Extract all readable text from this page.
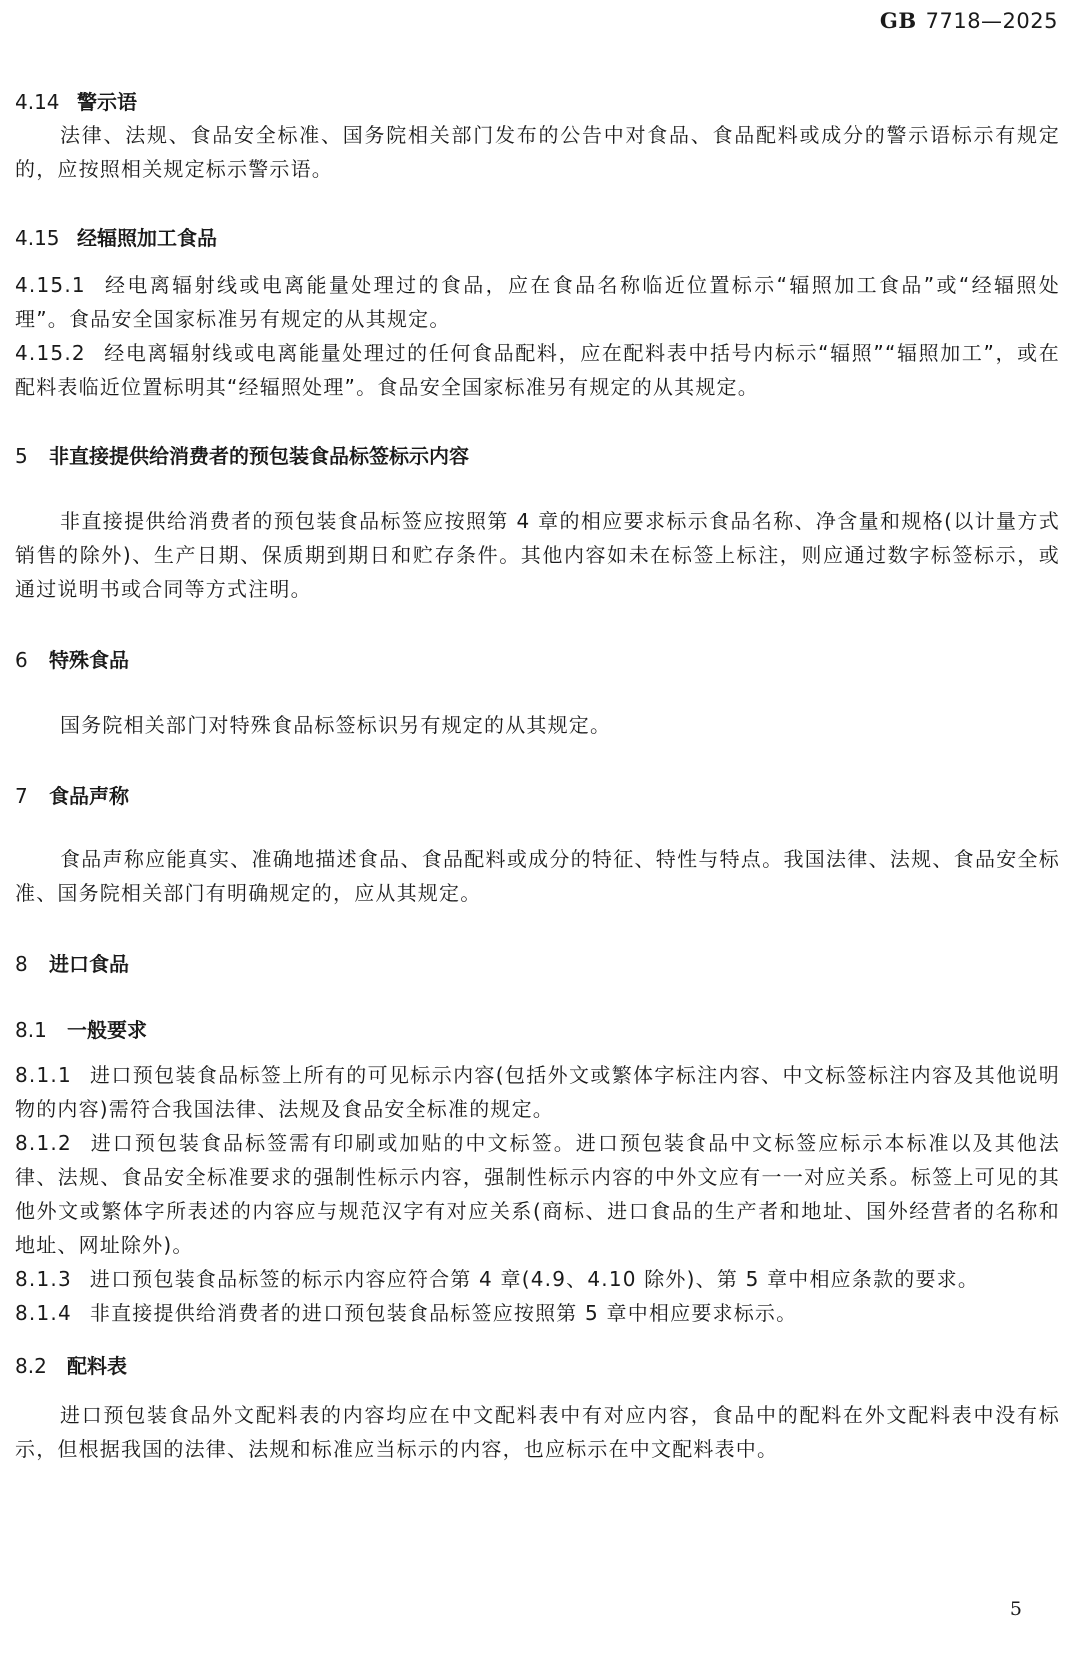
GB 7718—2025
4.14 警示语

法律、法规、食品安全标准、国务院相关部门发布的公告中对食品、食品配料或成分的警示语标示有规定的，应按照相关规定标示警示语。

4.15 经辐照加工食品

4.15.1 经电离辐射线或电离能量处理过的食品，应在食品名称临近位置标示“辐照加工食品”或“经辐照处理”。食品安全国家标准另有规定的从其规定。

4.15.2 经电离辐射线或电离能量处理过的任何食品配料，应在配料表中括号内标示“辐照”“辐照加工”，或在配料表临近位置标明其“经辐照处理”。食品安全国家标准另有规定的从其规定。

5 非直接提供给消费者的预包装食品标签标示内容

非直接提供给消费者的预包装食品标签应按照第 4 章的相应要求标示食品名称、净含量和规格(以计量方式销售的除外)、生产日期、保质期到期日和贮存条件。其他内容如未在标签上标注，则应通过数字标签标示，或通过说明书或合同等方式注明。

6 特殊食品

国务院相关部门对特殊食品标签标识另有规定的从其规定。

7 食品声称

食品声称应能真实、准确地描述食品、食品配料或成分的特征、特性与特点。我国法律、法规、食品安全标准、国务院相关部门有明确规定的，应从其规定。

8 进口食品
8.1 一般要求

8.1.1 进口预包装食品标签上所有的可见标示内容(包括外文或繁体字标注内容、中文标签标注内容及其他说明物的内容)需符合我国法律、法规及食品安全标准的规定。

8.1.2 进口预包装食品标签需有印刷或加贴的中文标签。进口预包装食品中文标签应标示本标准以及其他法律、法规、食品安全标准要求的强制性标示内容，强制性标示内容的中外文应有一一对应关系。标签上可见的其他外文或繁体字所表述的内容应与规范汉字有对应关系(商标、进口食品的生产者和地址、国外经营者的名称和地址、网址除外)。

8.1.3 进口预包装食品标签的标示内容应符合第 4 章(4.9、4.10 除外)、第 5 章中相应条款的要求。

8.1.4 非直接提供给消费者的进口预包装食品标签应按照第 5 章中相应要求标示。

8.2 配料表

进口预包装食品外文配料表的内容均应在中文配料表中有对应内容，食品中的配料在外文配料表中没有标示，但根据我国的法律、法规和标准应当标示的内容，也应标示在中文配料表中。

5
